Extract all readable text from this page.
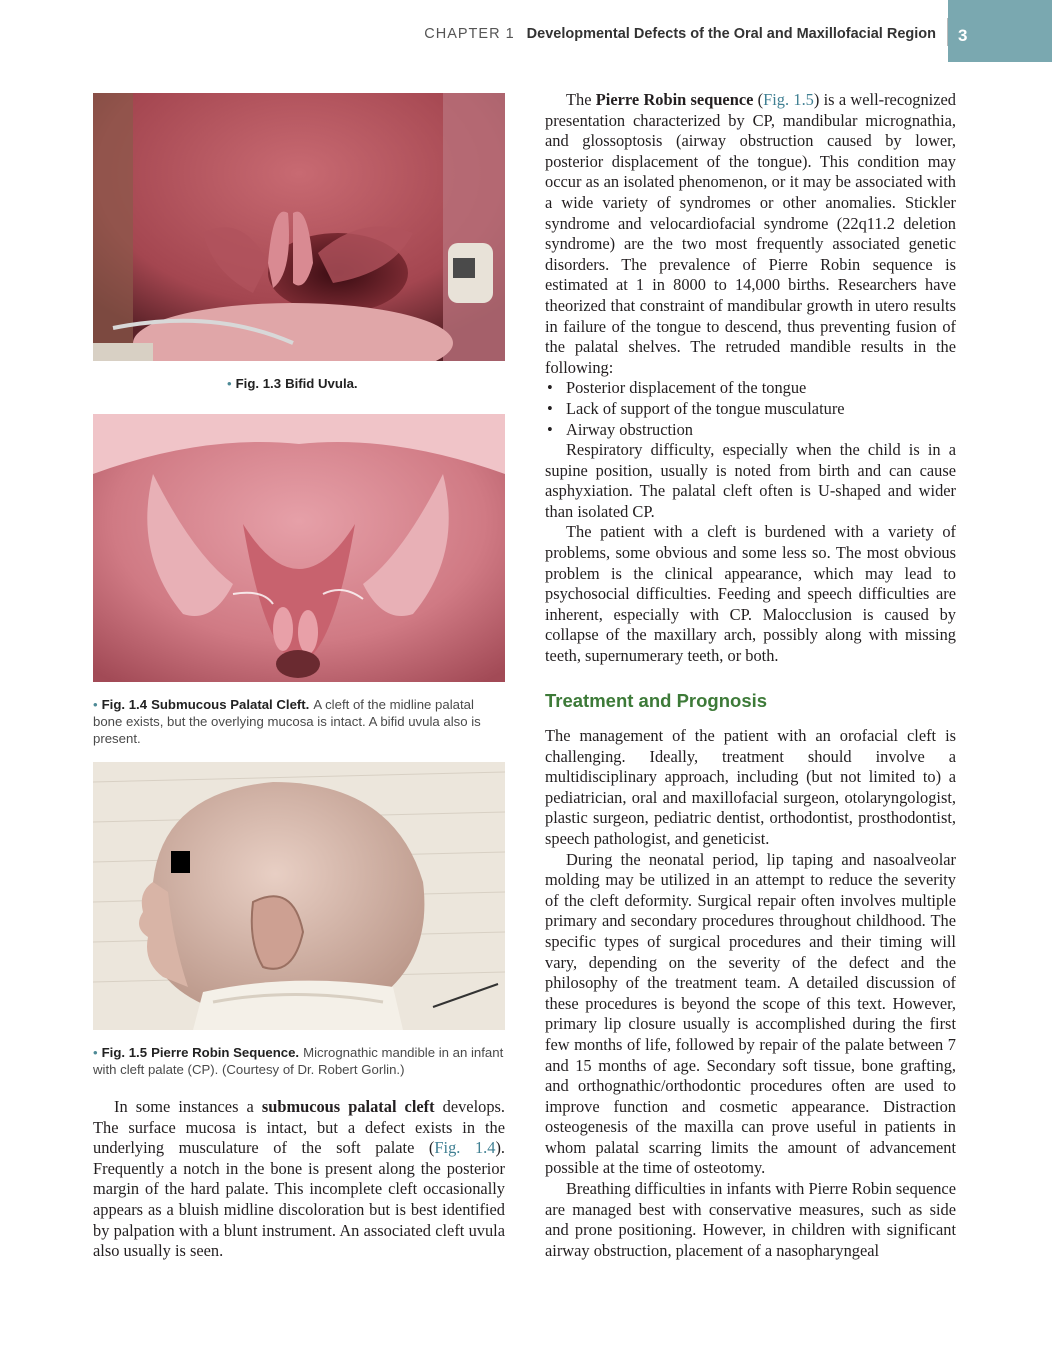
CHAPTER 1 Developmental Defects of the Oral and Maxillofacial Region 3
• Fig. 1.3 Bifid Uvula.
• Fig. 1.4 Submucous Palatal Cleft. A cleft of the midline palatal bone exists, but the overlying mucosa is intact. A bifid uvula also is present.
• Fig. 1.5 Pierre Robin Sequence. Micrognathic mandible in an infant with cleft palate (CP). (Courtesy of Dr. Robert Gorlin.)

In some instances a submucous palatal cleft develops. The surface mucosa is intact, but a defect exists in the underlying musculature of the soft palate (Fig. 1.4). Frequently a notch in the bone is present along the posterior margin of the hard palate. This incomplete cleft occasionally appears as a bluish midline discoloration but is best identified by palpation with a blunt instrument. An associated cleft uvula also usually is seen.

The Pierre Robin sequence (Fig. 1.5) is a well-recognized presentation characterized by CP, mandibular micrognathia, and glossoptosis (airway obstruction caused by lower, posterior displacement of the tongue). This condition may occur as an isolated phenomenon, or it may be associated with a wide variety of syndromes or other anomalies. Stickler syndrome and velocardiofacial syndrome (22q11.2 deletion syndrome) are the two most frequently associated genetic disorders. The prevalence of Pierre Robin sequence is estimated at 1 in 8000 to 14,000 births. Researchers have theorized that constraint of mandibular growth in utero results in failure of the tongue to descend, thus preventing fusion of the palatal shelves. The retruded mandible results in the following:

• Posterior displacement of the tongue
• Lack of support of the tongue musculature
• Airway obstruction

Respiratory difficulty, especially when the child is in a supine position, usually is noted from birth and can cause asphyxiation. The palatal cleft often is U-shaped and wider than isolated CP.

The patient with a cleft is burdened with a variety of problems, some obvious and some less so. The most obvious problem is the clinical appearance, which may lead to psychosocial difficulties. Feeding and speech difficulties are inherent, especially with CP. Malocclusion is caused by collapse of the maxillary arch, possibly along with missing teeth, supernumerary teeth, or both.

Treatment and Prognosis

The management of the patient with an orofacial cleft is challenging. Ideally, treatment should involve a multidisciplinary approach, including (but not limited to) a pediatrician, oral and maxillofacial surgeon, otolaryngologist, plastic surgeon, pediatric dentist, orthodontist, prosthodontist, speech pathologist, and geneticist.

During the neonatal period, lip taping and nasoalveolar molding may be utilized in an attempt to reduce the severity of the cleft deformity. Surgical repair often involves multiple primary and secondary procedures throughout childhood. The specific types of surgical procedures and their timing will vary, depending on the severity of the defect and the philosophy of the treatment team. A detailed discussion of these procedures is beyond the scope of this text. However, primary lip closure usually is accomplished during the first few months of life, followed by repair of the palate between 7 and 15 months of age. Secondary soft tissue, bone grafting, and orthognathic/orthodontic procedures often are used to improve function and cosmetic appearance. Distraction osteogenesis of the maxilla can prove useful in patients in whom palatal scarring limits the amount of advancement possible at the time of osteotomy.

Breathing difficulties in infants with Pierre Robin sequence are managed best with conservative measures, such as side and prone positioning. However, in children with significant airway obstruction, placement of a nasopharyngeal
